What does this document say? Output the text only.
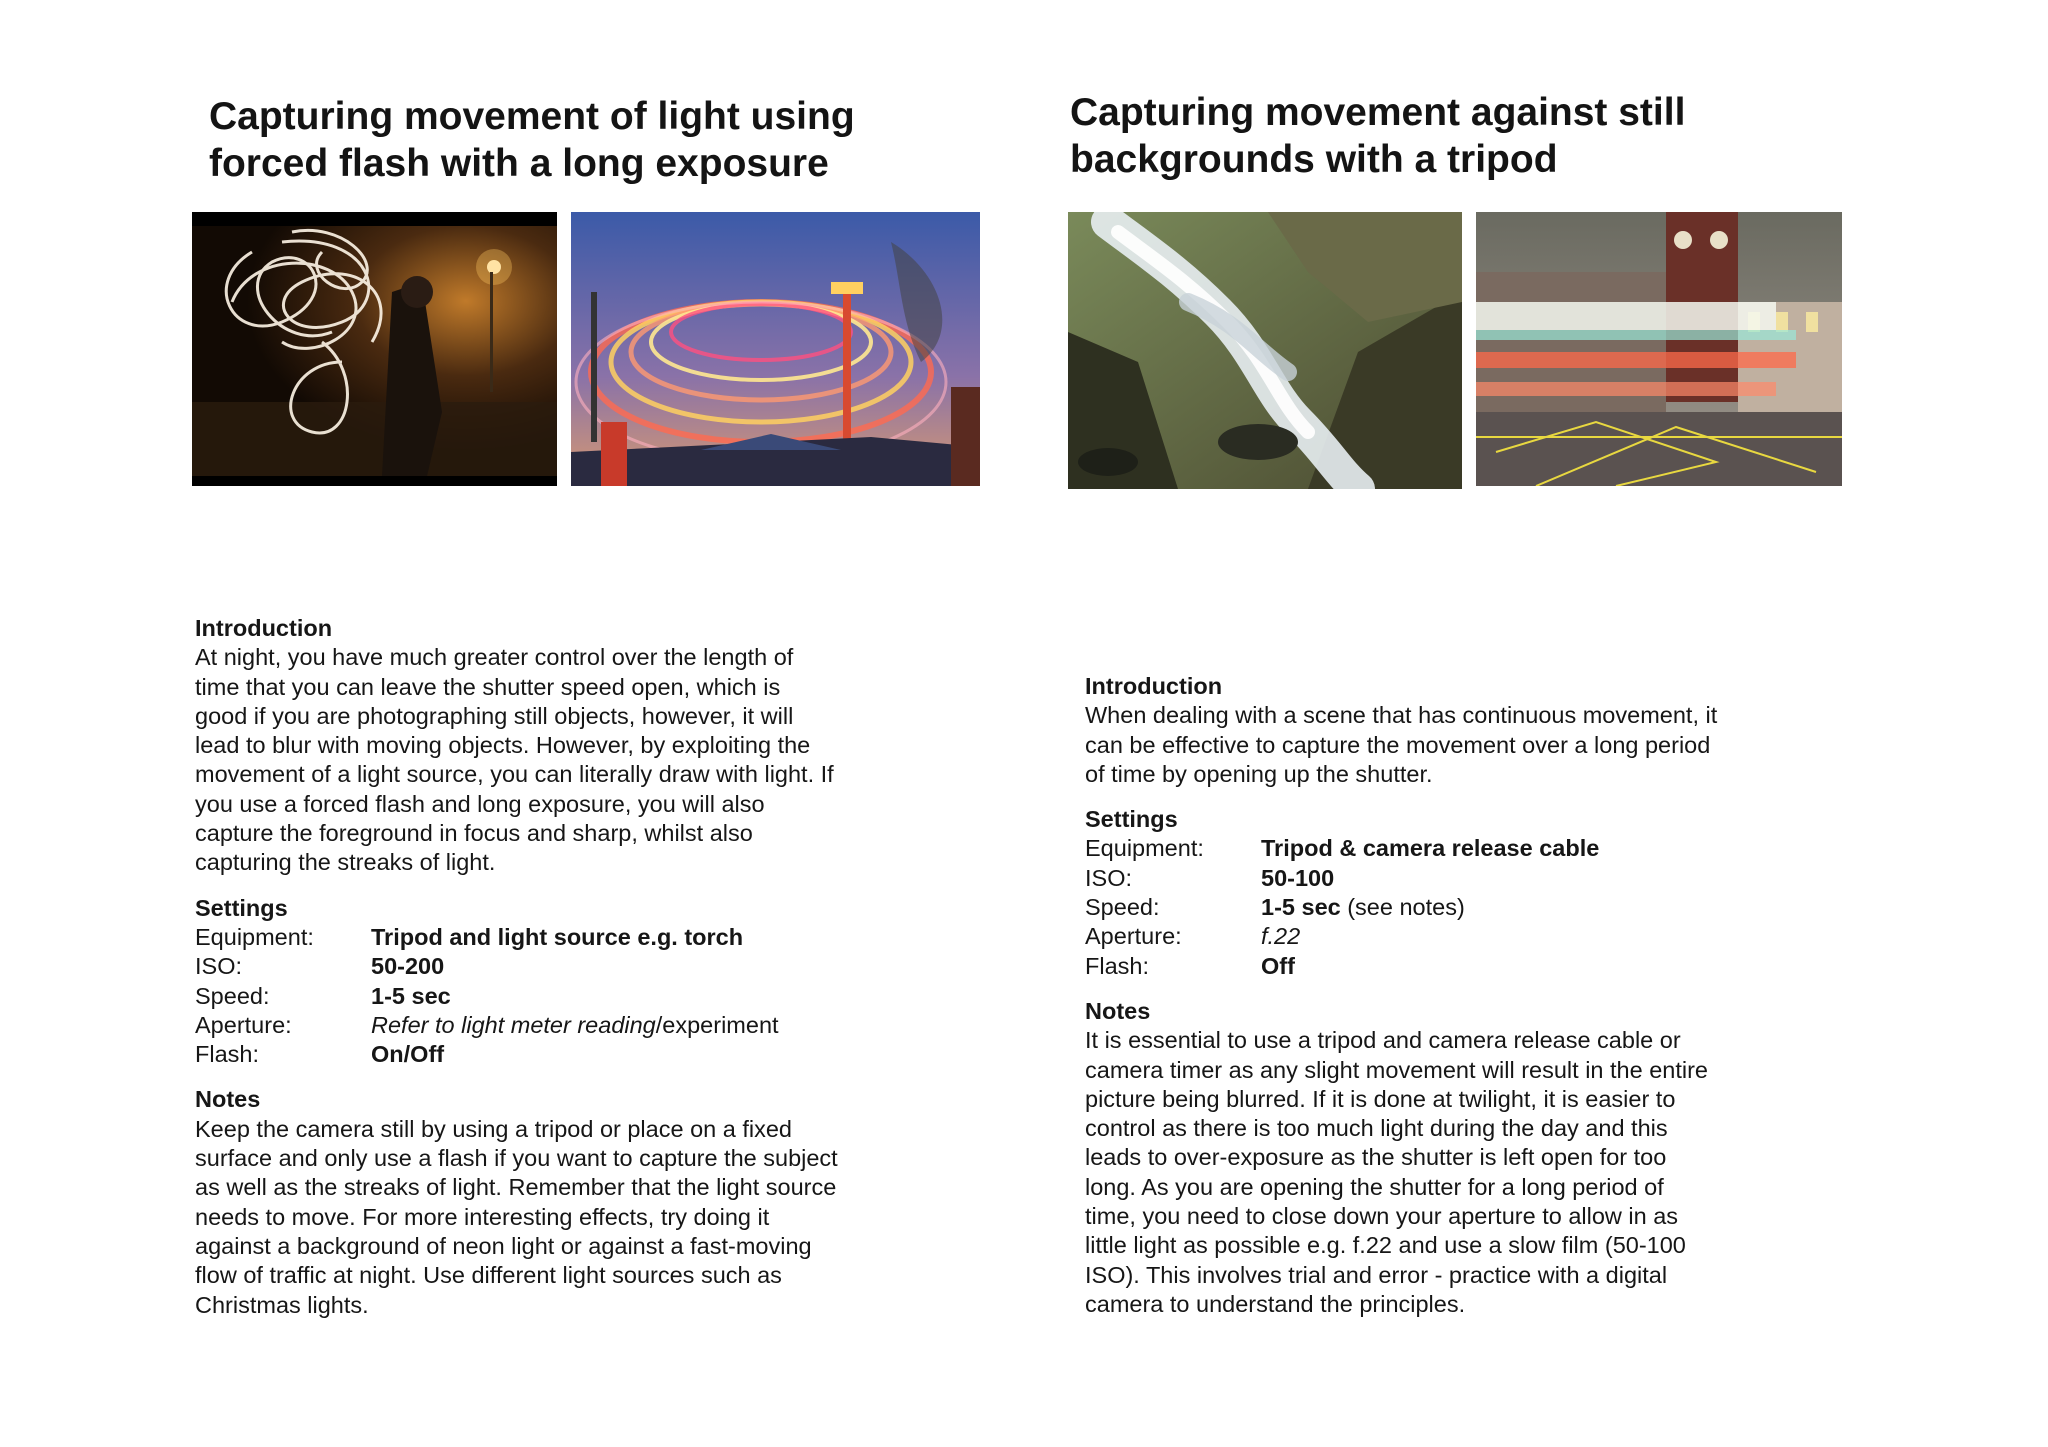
Capturing movement of light using
forced flash with a long exposure
Capturing movement against still
backgrounds with a tripod
Introduction
At night, you have much greater control over the length of
time that you can leave the shutter speed open, which is
good if you are photographing still objects, however, it will
lead to blur with moving objects. However, by exploiting the
movement of a light source, you can literally draw with light. If
you use a forced flash and long exposure, you will also
capture the foreground in focus and sharp, whilst also
capturing the streaks of light.
Settings
Equipment:	Tripod and light source e.g. torch
ISO:	50-200
Speed:	1-5 sec
Aperture:	Refer to light meter reading/experiment
Flash:	On/Off
Notes
Keep the camera still by using a tripod or place on a fixed
surface and only use a flash if you want to capture the subject
as well as the streaks of light. Remember that the light source
needs to move. For more interesting effects, try doing it
against a background of neon light or against a fast-moving
flow of traffic at night. Use different light sources such as
Christmas lights.
Introduction
When dealing with a scene that has continuous movement, it
can be effective to capture the movement over a long period
of time by opening up the shutter.
Settings
Equipment:	Tripod & camera release cable
ISO:	50-100
Speed:	1-5 sec (see notes)
Aperture:	f.22
Flash:	Off
Notes
It is essential to use a tripod and camera release cable or
camera timer as any slight movement will result in the entire
picture being blurred. If it is done at twilight, it is easier to
control as there is too much light during the day and this
leads to over-exposure as the shutter is left open for too
long. As you are opening the shutter for a long period of
time, you need to close down your aperture to allow in as
little light as possible e.g. f.22 and use a slow film (50-100
ISO). This involves trial and error - practice with a digital
camera to understand the principles.
